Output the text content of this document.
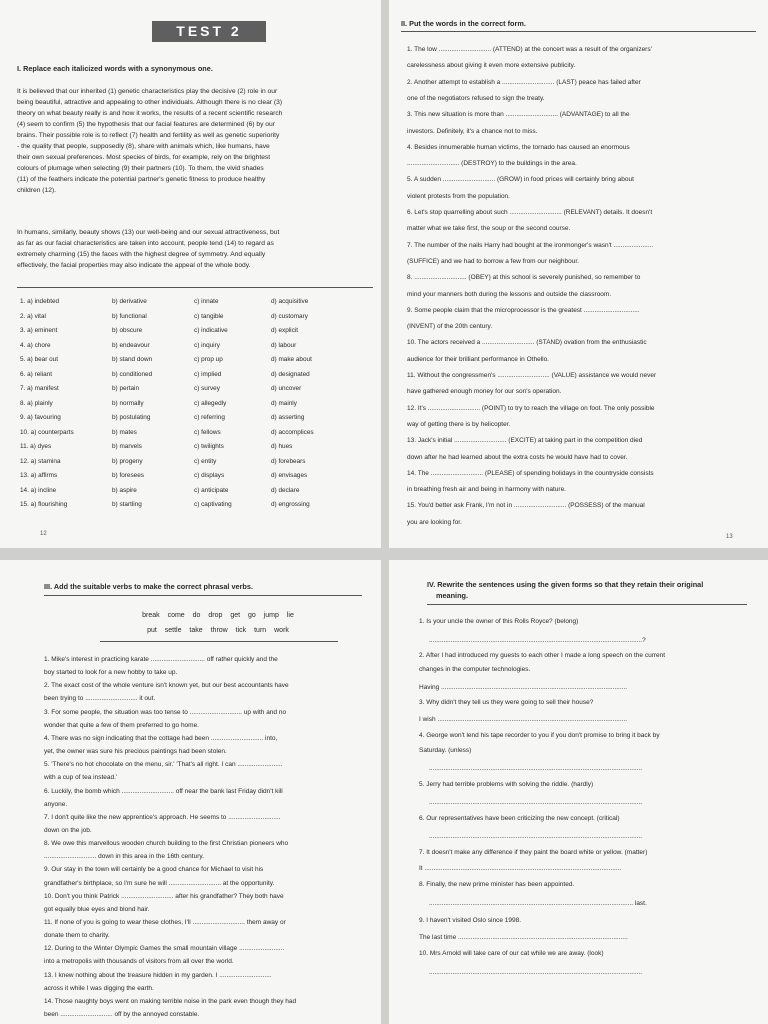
TEST 2
I. Replace each italicized words with a synonymous one.
It is believed that our inherited (1) genetic characteristics play the decisive (2) role in our
being beautiful, attractive and appealing to other individuals. Although there is no clear (3)
theory on what beauty really is and how it works, the results of a recent scientific research
(4) seem to confirm (5) the hypothesis that our facial features are determined (6) by our
brains. Their possible role is to reflect (7) health and fertility as well as genetic superiority
- the quality that people, supposedly (8), share with animals which, like humans, have
their own sexual preferences. Most species of birds, for example, rely on the brightest
colours of plumage when selecting (9) their partners (10). To them, the vivid shades
(11) of the feathers indicate the potential partner's genetic fitness to produce healthy
children (12).
In humans, similarly, beauty shows (13) our well-being and our sexual attractiveness, but
as far as our facial characteristics are taken into account, people tend (14) to regard as
extremely charming (15) the faces with the highest degree of symmetry. And equally
effectively, the facial properties may also indicate the appeal of the whole body.
1. a) indebted	b) derivative	c) innate	d) acquisitive
2. a) vital	b) functional	c) tangible	d) customary
3. a) eminent	b) obscure	c) indicative	d) explicit
4. a) chore	b) endeavour	c) inquiry	d) labour
5. a) bear out	b) stand down	c) prop up	d) make about
6. a) reliant	b) conditioned	c) implied	d) designated
7. a) manifest	b) pertain	c) survey	d) uncover
8. a) plainly	b) normally	c) allegedly	d) mainly
9. a) favouring	b) postulating	c) referring	d) asserting
10. a) counterparts	b) mates	c) fellows	d) accomplices
11. a) dyes	b) marvels	c) twilights	d) hues
12. a) stamina	b) progeny	c) entity	d) forebears
13. a) affirms	b) foresees	c) displays	d) envisages
14. a) incline	b) aspire	c) anticipate	d) declare
15. a) flourishing	b) startling	c) captivating	d) engrossing
12
II. Put the words in the correct form.
1. The low ............................. (ATTEND) at the concert was a result of the organizers'
carelessness about giving it even more extensive publicity.
2. Another attempt to establish a ............................. (LAST) peace has failed after
one of the negotiators refused to sign the treaty.
3. This new situation is more than ............................. (ADVANTAGE) to all the
investors. Definitely, it's a chance not to miss.
4. Besides innumerable human victims, the tornado has caused an enormous
............................. (DESTROY) to the buildings in the area.
5. A sudden ............................. (GROW) in food prices will certainly bring about
violent protests from the population.
6. Let's stop quarrelling about such ............................. (RELEVANT) details. It doesn't
matter what we take first, the soup or the second course.
7. The number of the nails Harry had bought at the ironmonger's wasn't ......................
(SUFFICE) and we had to borrow a few from our neighbour.
8. ............................. (OBEY) at this school is severely punished, so remember to
mind your manners both during the lessons and outside the classroom.
9. Some people claim that the microprocessor is the greatest ...............................
(INVENT) of the 20th century.
10. The actors received a ............................. (STAND) ovation from the enthusiastic
audience for their brilliant performance in Othello.
11. Without the congressmen's ............................. (VALUE) assistance we would never
have gathered enough money for our son's operation.
12. It's ............................. (POINT) to try to reach the village on foot. The only possible
way of getting there is by helicopter.
13. Jack's initial ............................. (EXCITE) at taking part in the competition died
down after he had learned about the extra costs he would have had to cover.
14. The ............................. (PLEASE) of spending holidays in the countryside consists
in breathing fresh air and being in harmony with nature.
15. You'd better ask Frank, I'm not in ............................. (POSSESS) of the manual
you are looking for.
13
III. Add the suitable verbs to make the correct phrasal verbs.
break come do drop get go jump lie
put settle take throw tick turn work
1. Mike's interest in practicing karate .............................. off rather quickly and the
boy started to look for a new hobby to take up.
2. The exact cost of the whole venture isn't known yet, but our best accountants have
been trying to ............................. it out.
3. For some people, the situation was too tense to ............................. up with and no
wonder that quite a few of them preferred to go home.
4. There was no sign indicating that the cottage had been ............................. into,
yet, the owner was sure his precious paintings had been stolen.
5. 'There's no hot chocolate on the menu, sir.' 'That's all right. I can .........................
with a cup of tea instead.'
6. Luckily, the bomb which ............................. off near the bank last Friday didn't kill
anyone.
7. I don't quite like the new apprentice's approach. He seems to .............................
down on the job.
8. We owe this marvellous wooden church building to the first Christian pioneers who
............................. down in this area in the 16th century.
9. Our stay in the town will certainly be a good chance for Michael to visit his
grandfather's birthplace, so I'm sure he will ............................. at the opportunity.
10. Don't you think Patrick ............................. after his grandfather? They both have
got equally blue eyes and blond hair.
11. If none of you is going to wear these clothes, I'll ............................. them away or
donate them to charity.
12. During to the Winter Olympic Games the small mountain village .........................
into a metropolis with thousands of visitors from all over the world.
13. I knew nothing about the treasure hidden in my garden. I .............................
across it while I was digging the earth.
14. Those naughty boys went on making terrible noise in the park even though they had
been ............................. off by the annoyed constable.
IV. Rewrite the sentences using the given forms so that they retain their original
meaning.
1. Is your uncle the owner of this Rolls Royce? (belong)
......................................................................................................................?
2. After I had introduced my guests to each other I made a long speech on the current
changes in the computer technologies.
Having .......................................................................................................
3. Why didn't they tell us they were going to sell their house?
I wish .........................................................................................................
4. George won't lend his tape recorder to you if you don't promise to bring it back by
Saturday. (unless)
......................................................................................................................
5. Jerry had terrible problems with solving the riddle. (hardly)
......................................................................................................................
6. Our representatives have been criticizing the new concept. (critical)
......................................................................................................................
7. It doesn't make any difference if they paint the board white or yellow. (matter)
It .............................................................................................................
8. Finally, the new prime minister has been appointed.
................................................................................................................. last.
9. I haven't visited Oslo since 1998.
The last time ..............................................................................................
10. Mrs Arnold will take care of our cat while we are away. (look)
......................................................................................................................
